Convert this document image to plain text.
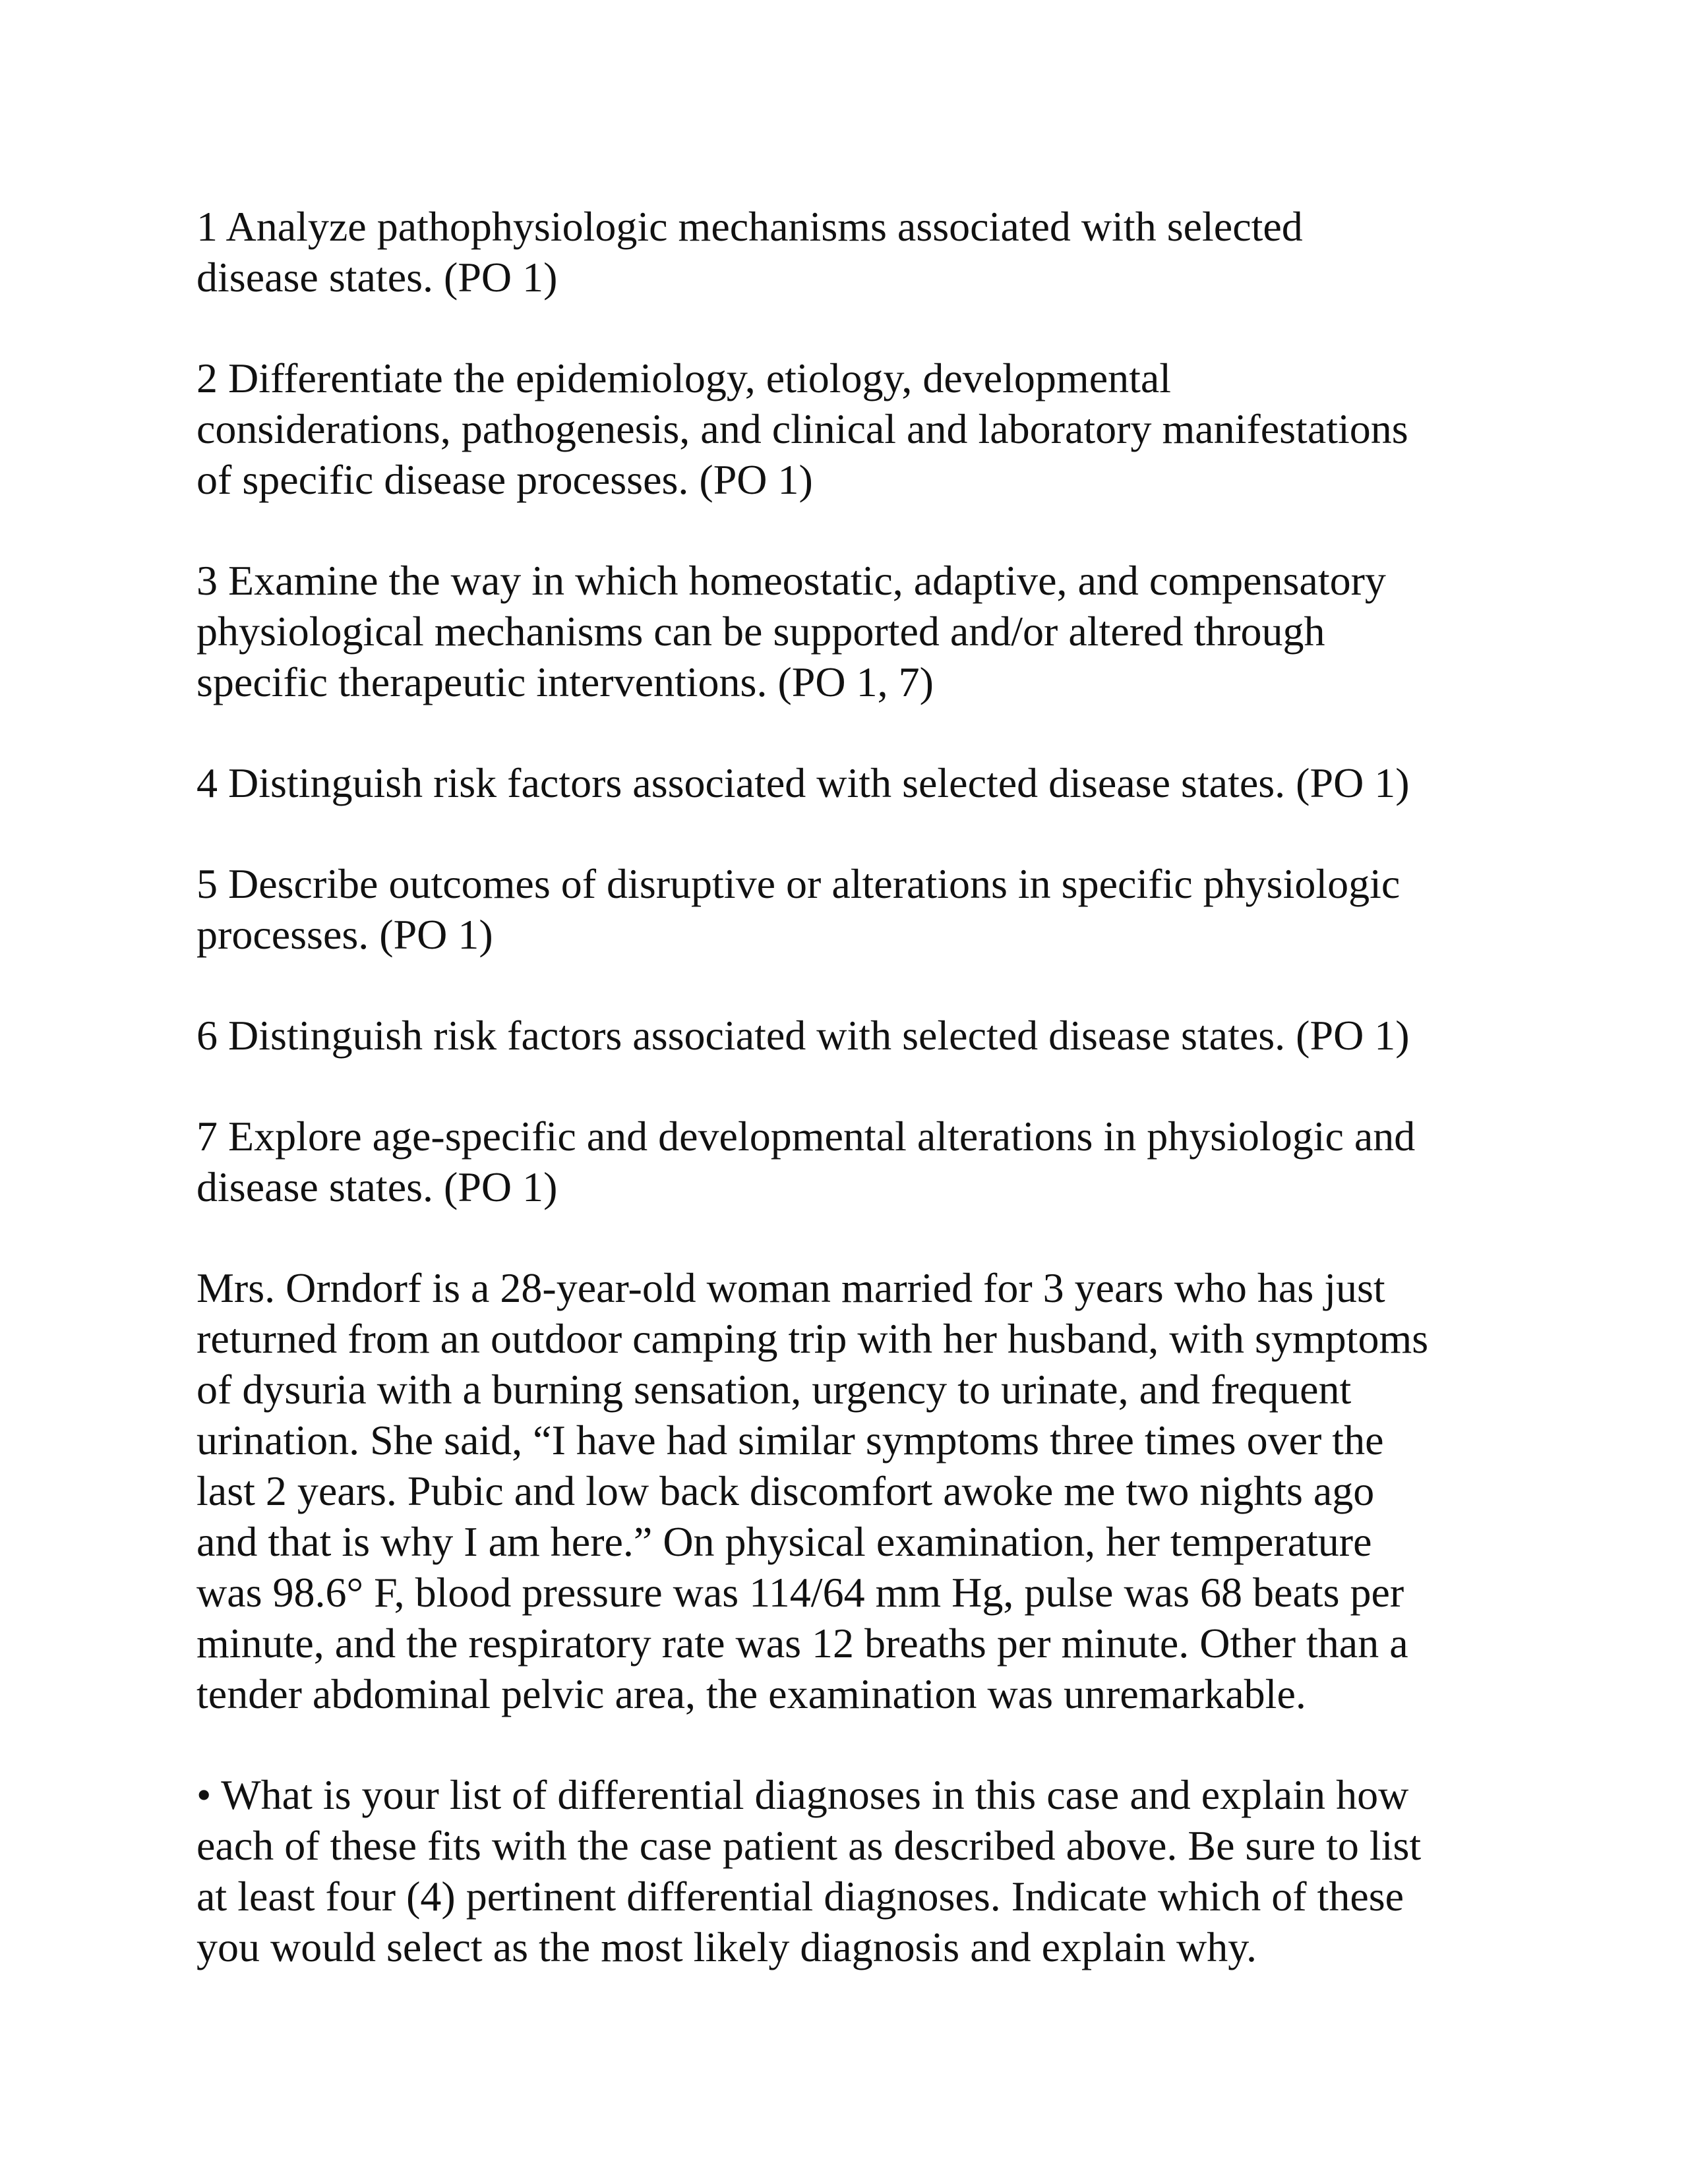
1 Analyze pathophysiologic mechanisms associated with selected
disease states. (PO 1)
2 Differentiate the epidemiology, etiology, developmental
considerations, pathogenesis, and clinical and laboratory manifestations
of specific disease processes. (PO 1)
3 Examine the way in which homeostatic, adaptive, and compensatory
physiological mechanisms can be supported and/or altered through
specific therapeutic interventions. (PO 1, 7)
4 Distinguish risk factors associated with selected disease states. (PO 1)
5 Describe outcomes of disruptive or alterations in specific physiologic
processes. (PO 1)
6 Distinguish risk factors associated with selected disease states. (PO 1)
7 Explore age-specific and developmental alterations in physiologic and
disease states. (PO 1)
Mrs. Orndorf is a 28-year-old woman married for 3 years who has just
returned from an outdoor camping trip with her husband, with symptoms
of dysuria with a burning sensation, urgency to urinate, and frequent
urination. She said, “I have had similar symptoms three times over the
last 2 years. Pubic and low back discomfort awoke me two nights ago
and that is why I am here.” On physical examination, her temperature
was 98.6° F, blood pressure was 114/64 mm Hg, pulse was 68 beats per
minute, and the respiratory rate was 12 breaths per minute. Other than a
tender abdominal pelvic area, the examination was unremarkable.
• What is your list of differential diagnoses in this case and explain how
each of these fits with the case patient as described above. Be sure to list
at least four (4) pertinent differential diagnoses. Indicate which of these
you would select as the most likely diagnosis and explain why.
